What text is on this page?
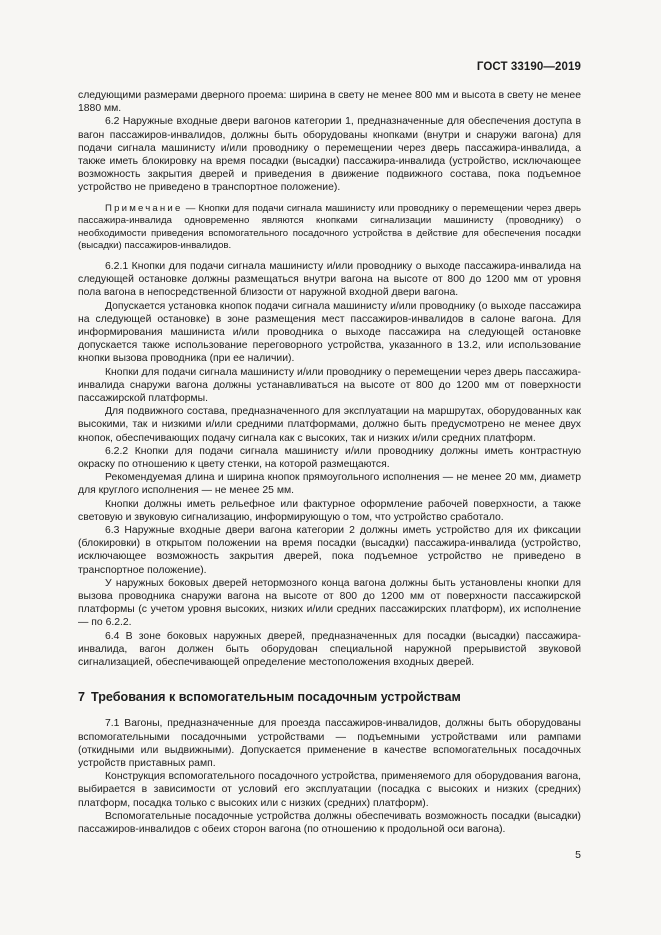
ГОСТ 33190—2019

следующими размерами дверного проема: ширина в свету не менее 800 мм и высота в свету не менее 1880 мм.

6.2 Наружные входные двери вагонов категории 1, предназначенные для обеспечения доступа в вагон пассажиров-инвалидов, должны быть оборудованы кнопками (внутри и снаружи вагона) для подачи сигнала машинисту и/или проводнику о перемещении через дверь пассажира-инвалида, а также иметь блокировку на время посадки (высадки) пассажира-инвалида (устройство, исключающее возможность закрытия дверей и приведения в движение подвижного состава, пока подъемное устройство не приведено в транспортное положение).

Примечание — Кнопки для подачи сигнала машинисту или проводнику о перемещении через дверь пассажира-инвалида одновременно являются кнопками сигнализации машинисту (проводнику) о необходимости приведения вспомогательного посадочного устройства в действие для обеспечения посадки (высадки) пассажиров-инвалидов.

6.2.1 Кнопки для подачи сигнала машинисту и/или проводнику о выходе пассажира-инвалида на следующей остановке должны размещаться внутри вагона на высоте от 800 до 1200 мм от уровня пола вагона в непосредственной близости от наружной входной двери вагона.

Допускается установка кнопок подачи сигнала машинисту и/или проводнику (о выходе пассажира на следующей остановке) в зоне размещения мест пассажиров-инвалидов в салоне вагона. Для информирования машиниста и/или проводника о выходе пассажира на следующей остановке допускается также использование переговорного устройства, указанного в 13.2, или использование кнопки вызова проводника (при ее наличии).

Кнопки для подачи сигнала машинисту и/или проводнику о перемещении через дверь пассажира-инвалида снаружи вагона должны устанавливаться на высоте от 800 до 1200 мм от поверхности пассажирской платформы.

Для подвижного состава, предназначенного для эксплуатации на маршрутах, оборудованных как высокими, так и низкими и/или средними платформами, должно быть предусмотрено не менее двух кнопок, обеспечивающих подачу сигнала как с высоких, так и низких и/или средних платформ.

6.2.2 Кнопки для подачи сигнала машинисту и/или проводнику должны иметь контрастную окраску по отношению к цвету стенки, на которой размещаются.

Рекомендуемая длина и ширина кнопок прямоугольного исполнения — не менее 20 мм, диаметр для круглого исполнения — не менее 25 мм.

Кнопки должны иметь рельефное или фактурное оформление рабочей поверхности, а также световую и звуковую сигнализацию, информирующую о том, что устройство сработало.

6.3 Наружные входные двери вагона категории 2 должны иметь устройство для их фиксации (блокировки) в открытом положении на время посадки (высадки) пассажира-инвалида (устройство, исключающее возможность закрытия дверей, пока подъемное устройство не приведено в транспортное положение).

У наружных боковых дверей нетормозного конца вагона должны быть установлены кнопки для вызова проводника снаружи вагона на высоте от 800 до 1200 мм от поверхности пассажирской платформы (с учетом уровня высоких, низких и/или средних пассажирских платформ), их исполнение — по 6.2.2.

6.4 В зоне боковых наружных дверей, предназначенных для посадки (высадки) пассажира-инвалида, вагон должен быть оборудован специальной наружной прерывистой звуковой сигнализацией, обеспечивающей определение местоположения входных дверей.

7 Требования к вспомогательным посадочным устройствам

7.1 Вагоны, предназначенные для проезда пассажиров-инвалидов, должны быть оборудованы вспомогательными посадочными устройствами — подъемными устройствами или рампами (откидными или выдвижными). Допускается применение в качестве вспомогательных посадочных устройств приставных рамп.

Конструкция вспомогательного посадочного устройства, применяемого для оборудования вагона, выбирается в зависимости от условий его эксплуатации (посадка с высоких и низких (средних) платформ, посадка только с высоких или с низких (средних) платформ).

Вспомогательные посадочные устройства должны обеспечивать возможность посадки (высадки) пассажиров-инвалидов с обеих сторон вагона (по отношению к продольной оси вагона).

5
